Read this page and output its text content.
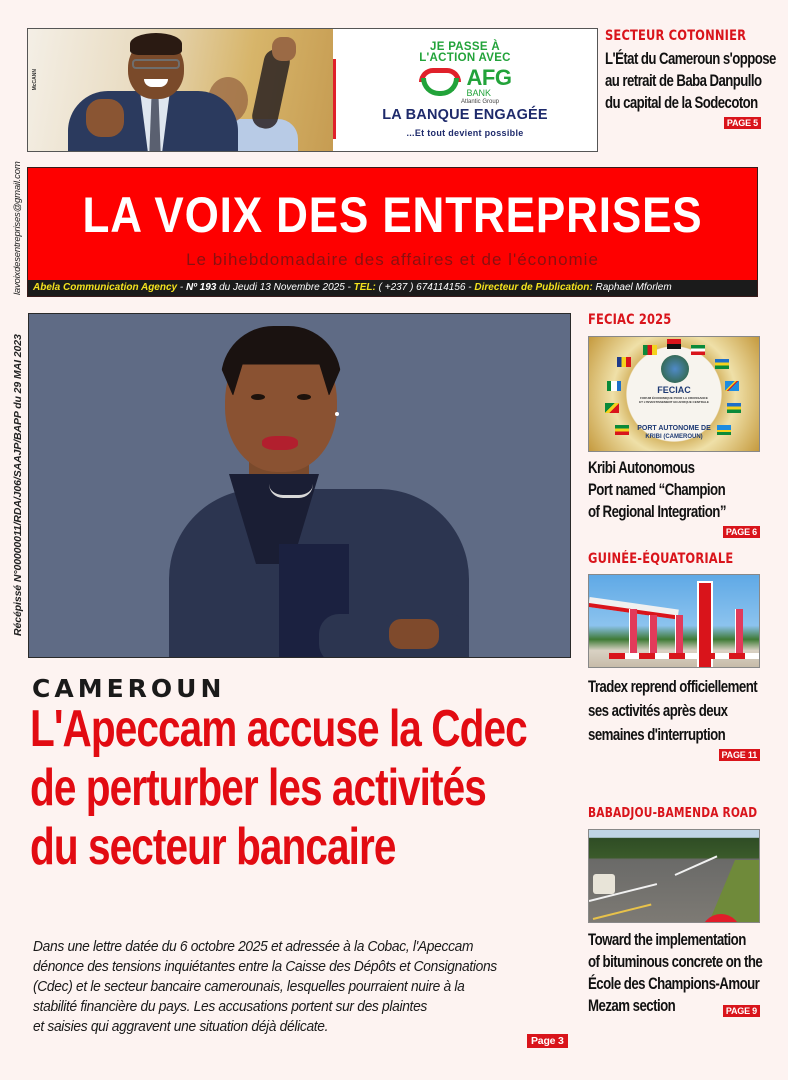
McCANN
JE PASSE À
L'ACTION AVEC
AFG
BANK
Atlantic Group
LA BANQUE ENGAGÉE
...Et tout devient possible
SECTEUR COTONNIER
L'État du Cameroun s'oppose
au retrait de Baba Danpullo
du capital de la Sodecoton
PAGE 5
lavoixdesentreprises@gmail.com LA VOIX DES ENTREPRISES
Le bihebdomadaire des affaires et de l'économie
Abela Communication Agency - Nº 193 du Jeudi 13 Novembre 2025 - TEL: ( +237 ) 674114156 - Directeur de Publication: Raphael Mforlem
Récépissé N°00000011/RDA/J06/SAAJP/BAPP du 29 MAI 2023
CAMEROUN
L'Apeccam accuse la Cdec
de perturber les activités
du secteur bancaire
Dans une lettre datée du 6 octobre 2025 et adressée à la Cobac, l'Apeccam
dénonce des tensions inquiétantes entre la Caisse des Dépôts et Consignations
(Cdec) et le secteur bancaire camerounais, lesquelles pourraient nuire à la
stabilité financière du pays. Les accusations portent sur des plaintes
et saisies qui aggravent une situation déjà délicate.
Page 3
FECIAC 2025
FECIAC
FORUM ÉCONOMIQUE POUR LA CROISSANCE ET L'INVESTISSEMENT EN AFRIQUE CENTRALE
PORT AUTONOME DE
KRIBI (CAMEROUN)
Kribi Autonomous
Port named “Champion
of Regional Integration”
PAGE 6
GUINÉE-ÉQUATORIALE
Tradex reprend officiellement
ses activités après deux
semaines d'interruption
PAGE 11
BABADJOU-BAMENDA ROAD
Toward the implementation
of bituminous concrete on the
École des Champions-Amour
Mezam section	PAGE 9
